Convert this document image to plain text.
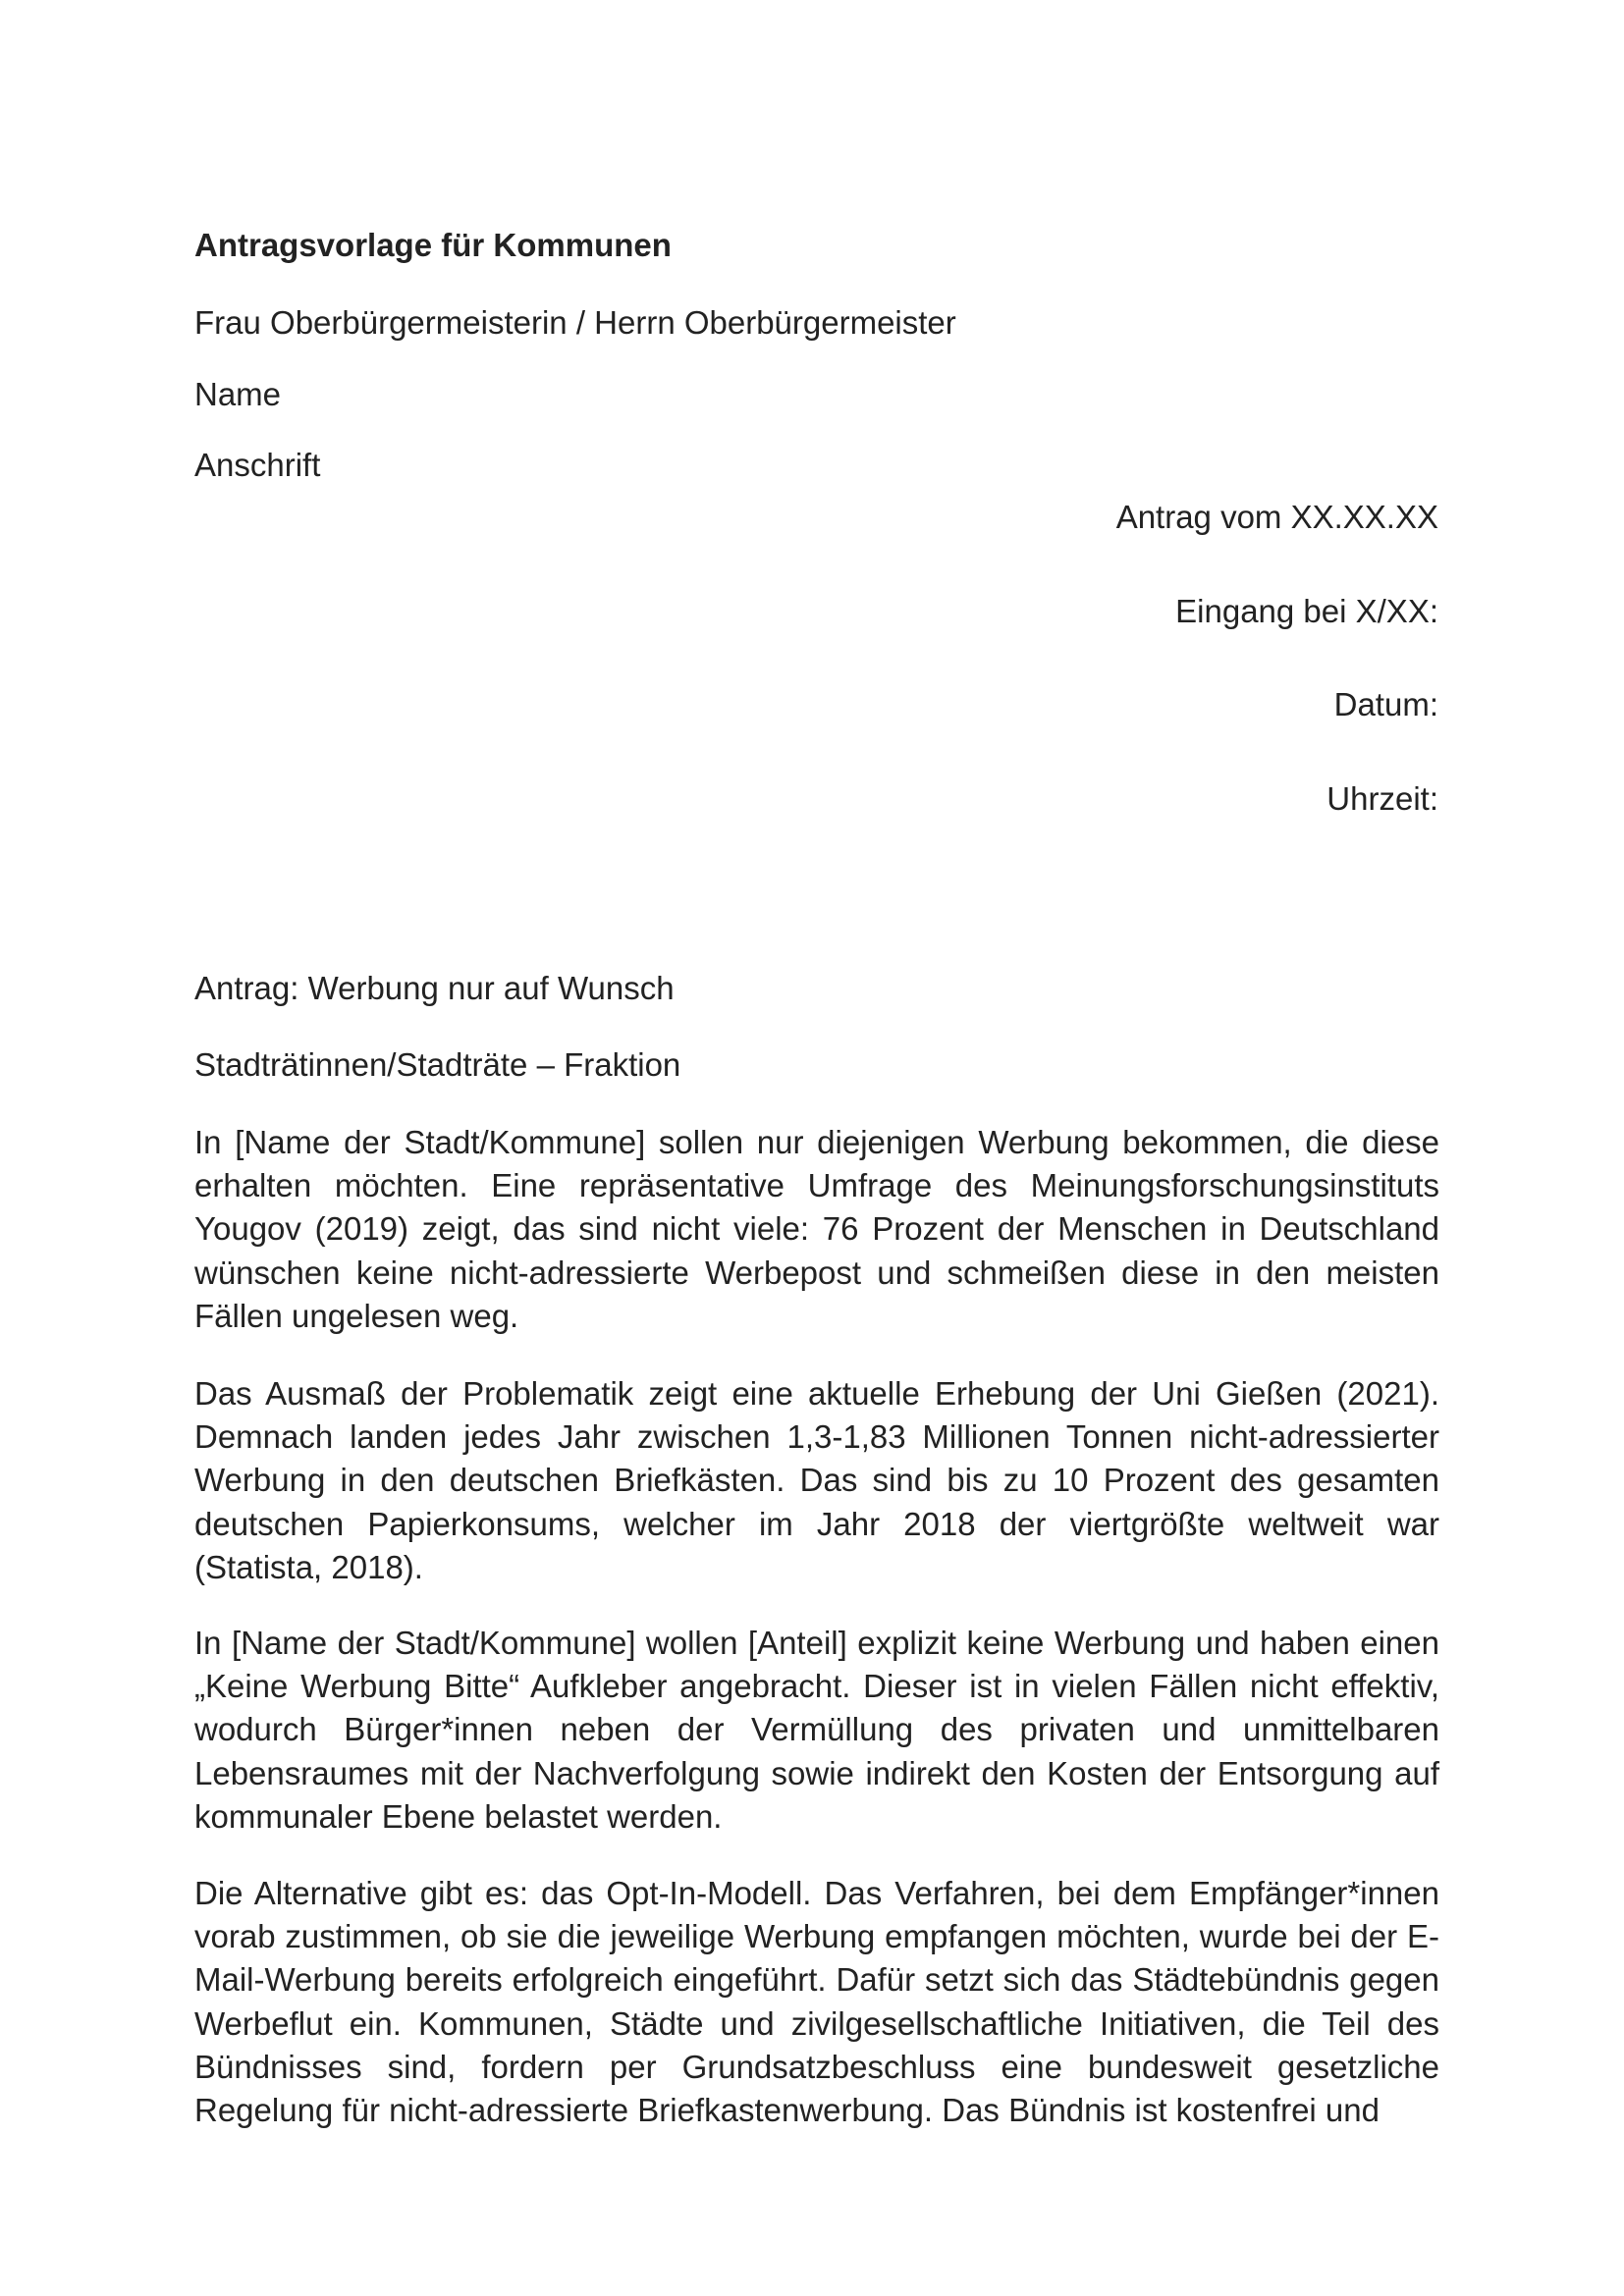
Antragsvorlage für Kommunen
Frau Oberbürgermeisterin / Herrn Oberbürgermeister
Name
Anschrift
Antrag vom XX.XX.XX
Eingang bei X/XX:
Datum:
Uhrzeit:
Antrag: Werbung nur auf Wunsch
Stadträtinnen/Stadträte – Fraktion

In [Name der Stadt/Kommune] sollen nur diejenigen Werbung bekommen, die diese erhalten möchten. Eine repräsentative Umfrage des Meinungsforschungsinstituts Yougov (2019) zeigt, das sind nicht viele: 76 Prozent der Menschen in Deutschland wünschen keine nicht-adressierte Werbepost und schmeißen diese in den meisten Fällen ungelesen weg.

Das Ausmaß der Problematik zeigt eine aktuelle Erhebung der Uni Gießen (2021). Demnach landen jedes Jahr zwischen 1,3-1,83 Millionen Tonnen nicht-adressierter Werbung in den deutschen Briefkästen. Das sind bis zu 10 Prozent des gesamten deutschen Papierkonsums, welcher im Jahr 2018 der viertgrößte weltweit war (Statista, 2018).

In [Name der Stadt/Kommune] wollen [Anteil] explizit keine Werbung und haben einen „Keine Werbung Bitte“ Aufkleber angebracht. Dieser ist in vielen Fällen nicht effektiv, wodurch Bürger*innen neben der Vermüllung des privaten und unmittelbaren Lebensraumes mit der Nachverfolgung sowie indirekt den Kosten der Entsorgung auf kommunaler Ebene belastet werden.

Die Alternative gibt es: das Opt-In-Modell. Das Verfahren, bei dem Empfänger*innen vorab zustimmen, ob sie die jeweilige Werbung empfangen möchten, wurde bei der E-Mail-Werbung bereits erfolgreich eingeführt. Dafür setzt sich das Städtebündnis gegen Werbeflut ein. Kommunen, Städte und zivilgesellschaftliche Initiativen, die Teil des Bündnisses sind, fordern per Grundsatzbeschluss eine bundesweit gesetzliche Regelung für nicht-adressierte Briefkastenwerbung. Das Bündnis ist kostenfrei und
